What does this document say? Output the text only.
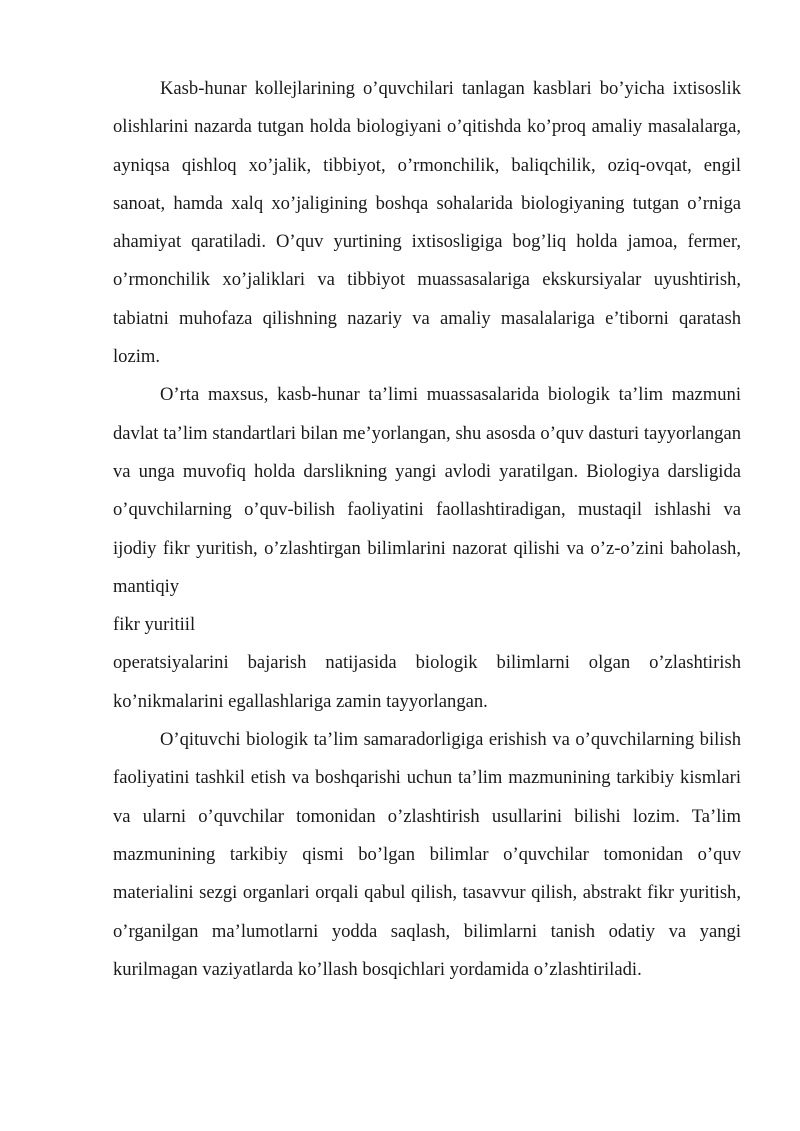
Kasb-hunar kollejlarining o’quvchilari tanlagan kasblari bo’yicha ixtisoslik olishlarini nazarda tutgan holda biologiyani o’qitishda ko’proq amaliy masalalarga, ayniqsa qishloq xo’jalik, tibbiyot, o’rmonchilik, baliqchilik, oziq-ovqat, engil sanoat, hamda xalq xo’jaligining boshqa sohalarida biologiyaning tutgan o’rniga ahamiyat qaratiladi. O’quv yurtining ixtisosligiga bog’liq holda jamoa, fermer, o’rmonchilik xo’jaliklari va tibbiyot muassasalariga ekskursiyalar uyushtirish, tabiatni muhofaza qilishning nazariy va amaliy masalalariga e’tiborni qaratash lozim.

O’rta maxsus, kasb-hunar ta’limi muassasalarida biologik ta’lim mazmuni davlat ta’lim standartlari bilan me’yorlangan, shu asosda o’quv dasturi tayyorlangan va unga muvofiq holda darslikning yangi avlodi yaratilgan. Biologiya darsligida o’quvchilarning o’quv-bilish faoliyatini faollashtiradigan, mustaqil ishlashi va ijodiy fikr yuritish, o’zlashtirgan bilimlarini nazorat qilishi va o’z-o’zini baholash, mantiqiy

fikr yuritiil

operatsiyalarini bajarish natijasida biologik bilimlarni olgan o’zlashtirish ko’nikmalarini egallashlariga zamin tayyorlangan.

O’qituvchi biologik ta’lim samaradorligiga erishish va o’quvchilarning bilish faoliyatini tashkil etish va boshqarishi uchun ta’lim mazmunining tarkibiy kismlari va ularni o’quvchilar tomonidan o’zlashtirish usullarini bilishi lozim. Ta’lim mazmunining tarkibiy qismi bo’lgan bilimlar o’quvchilar tomonidan o’quv materialini sezgi organlari orqali qabul qilish, tasavvur qilish, abstrakt fikr yuritish, o’rganilgan ma’lumotlarni yodda saqlash, bilimlarni tanish odatiy va yangi kurilmagan vaziyatlarda ko’llash bosqichlari yordamida o’zlashtiriladi.
